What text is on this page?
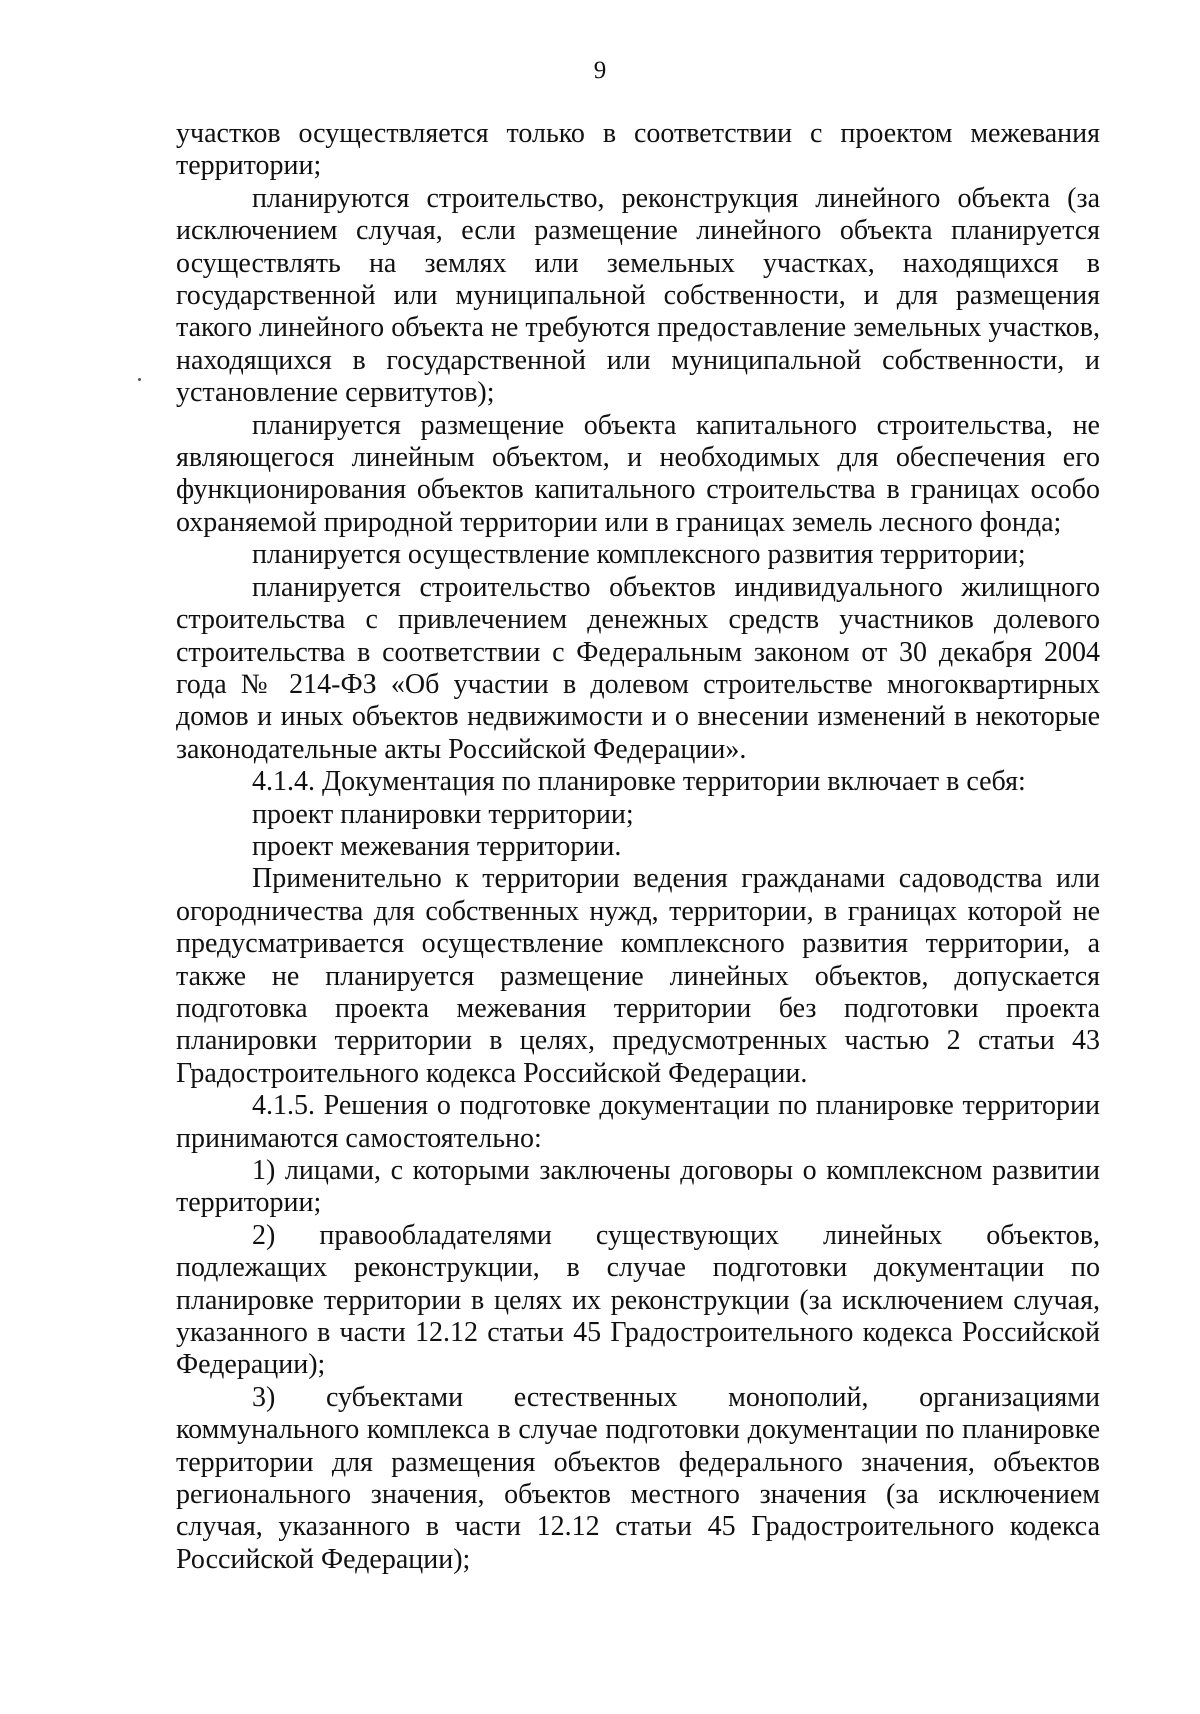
9

участков осуществляется только в соответствии с проектом межевания территории;

планируются строительство, реконструкция линейного объекта (за исключением случая, если размещение линейного объекта планируется осуществлять на землях или земельных участках, находящихся в государственной или муниципальной собственности, и для размещения такого линейного объекта не требуются предоставление земельных участков, находящихся в государственной или муниципальной собственности, и установление сервитутов);

планируется размещение объекта капитального строительства, не являющегося линейным объектом, и необходимых для обеспечения его функционирования объектов капитального строительства в границах особо охраняемой природной территории или в границах земель лесного фонда;

планируется осуществление комплексного развития территории;

планируется строительство объектов индивидуального жилищного строительства с привлечением денежных средств участников долевого строительства в соответствии с Федеральным законом от 30 декабря 2004 года № 214-ФЗ «Об участии в долевом строительстве многоквартирных домов и иных объектов недвижимости и о внесении изменений в некоторые законодательные акты Российской Федерации».

4.1.4. Документация по планировке территории включает в себя:

проект планировки территории;

проект межевания территории.

Применительно к территории ведения гражданами садоводства или огородничества для собственных нужд, территории, в границах которой не предусматривается осуществление комплексного развития территории, а также не планируется размещение линейных объектов, допускается подготовка проекта межевания территории без подготовки проекта планировки территории в целях, предусмотренных частью 2 статьи 43 Градостроительного кодекса Российской Федерации.

4.1.5. Решения о подготовке документации по планировке территории принимаются самостоятельно:

1) лицами, с которыми заключены договоры о комплексном развитии территории;

2) правообладателями существующих линейных объектов, подлежащих реконструкции, в случае подготовки документации по планировке территории в целях их реконструкции (за исключением случая, указанного в части 12.12 статьи 45 Градостроительного кодекса Российской Федерации);

3) субъектами естественных монополий, организациями коммунального комплекса в случае подготовки документации по планировке территории для размещения объектов федерального значения, объектов регионального значения, объектов местного значения (за исключением случая, указанного в части 12.12 статьи 45 Градостроительного кодекса Российской Федерации);
